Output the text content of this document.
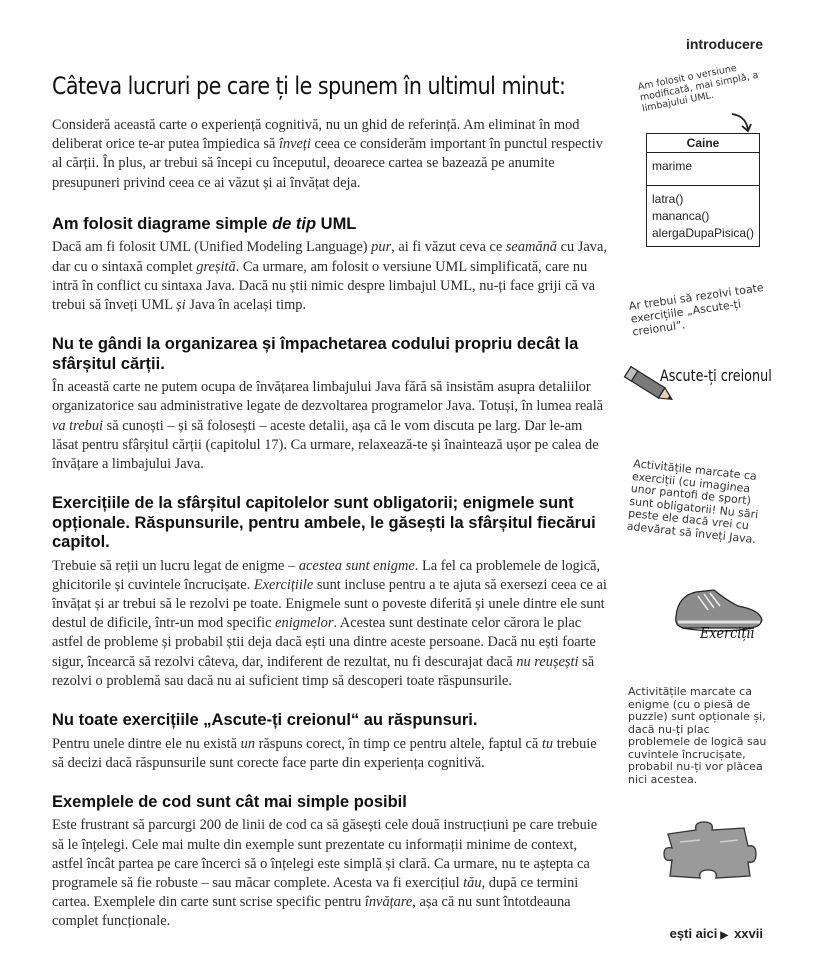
introducere
Câteva lucruri pe care ți le spunem în ultimul minut:

Consideră această carte o experiență cognitivă, nu un ghid de referință. Am eliminat în mod deliberat orice te-ar putea împiedica să înveți ceea ce considerăm important în punctul respectiv al cărții. În plus, ar trebui să începi cu începutul, deoarece cartea se bazează pe anumite presupuneri privind ceea ce ai văzut și ai învățat deja.

Am folosit diagrame simple de tip UML

Dacă am fi folosit UML (Unified Modeling Language) pur, ai fi văzut ceva ce seamănă cu Java, dar cu o sintaxă complet greșită. Ca urmare, am folosit o versiune UML simplificată, care nu intră în conflict cu sintaxa Java. Dacă nu știi nimic despre limbajul UML, nu-ți face griji că va trebui să înveți UML și Java în același timp.

Nu te gândi la organizarea și împachetarea codului propriu decât la sfârșitul cărții.

În această carte ne putem ocupa de învățarea limbajului Java fără să insistăm asupra detaliilor organizatorice sau administrative legate de dezvoltarea programelor Java. Totuși, în lumea reală va trebui să cunoști – și să folosești – aceste detalii, așa că le vom discuta pe larg. Dar le-am lăsat pentru sfârșitul cărții (capitolul 17). Ca urmare, relaxează-te și înaintează ușor pe calea de învățare a limbajului Java.

Exercițiile de la sfârșitul capitolelor sunt obligatorii; enigmele sunt opționale. Răspunsurile, pentru ambele, le găsești la sfârșitul fiecărui capitol.

Trebuie să reții un lucru legat de enigme – acestea sunt enigme. La fel ca problemele de logică, ghicitorile și cuvintele încrucișate. Exercițiile sunt incluse pentru a te ajuta să exersezi ceea ce ai învățat și ar trebui să le rezolvi pe toate. Enigmele sunt o poveste diferită și unele dintre ele sunt destul de dificile, într-un mod specific enigmelor. Acestea sunt destinate celor cărora le plac astfel de probleme și probabil știi deja dacă ești una dintre aceste persoane. Dacă nu ești foarte sigur, încearcă să rezolvi câteva, dar, indiferent de rezultat, nu fi descurajat dacă nu reușești să rezolvi o problemă sau dacă nu ai suficient timp să descoperi toate răspunsurile.

Nu toate exercițiile „Ascute-ți creionul“ au răspunsuri.

Pentru unele dintre ele nu există un răspuns corect, în timp ce pentru altele, faptul că tu trebuie să decizi dacă răspunsurile sunt corecte face parte din experiența cognitivă.

Exemplele de cod sunt cât mai simple posibil

Este frustrant să parcurgi 200 de linii de cod ca să găsești cele două instrucțiuni pe care trebuie să le înțelegi. Cele mai multe din exemple sunt prezentate cu informații minime de context, astfel încât partea pe care încerci să o înțelegi este simplă și clară. Ca urmare, nu te aștepta ca programele să fie robuste – sau măcar complete. Acesta va fi exercițiul tău, după ce termini cartea. Exemplele din carte sunt scrise specific pentru învățare, așa că nu sunt întotdeauna complet funcționale.

Am folosit o versiune modificată, mai simplă, a limbajului UML.
Caine
marime
latra()
mananca()
alergaDupaPisica()
Ar trebui să rezolvi toate exercițiile „Ascute-ți creionul”.
Ascute-ți creionul
Activitățile marcate ca exerciții (cu imaginea unor pantofi de sport) sunt obligatorii! Nu sări peste ele dacă vrei cu adevărat să înveți Java.
Exerciții
Activitățile marcate ca enigme (cu o piesă de puzzle) sunt opționale și, dacă nu-ți plac problemele de logică sau cuvintele încrucișate, probabil nu-ți vor plăcea nici acestea.
ești aici ▶ xxvii
